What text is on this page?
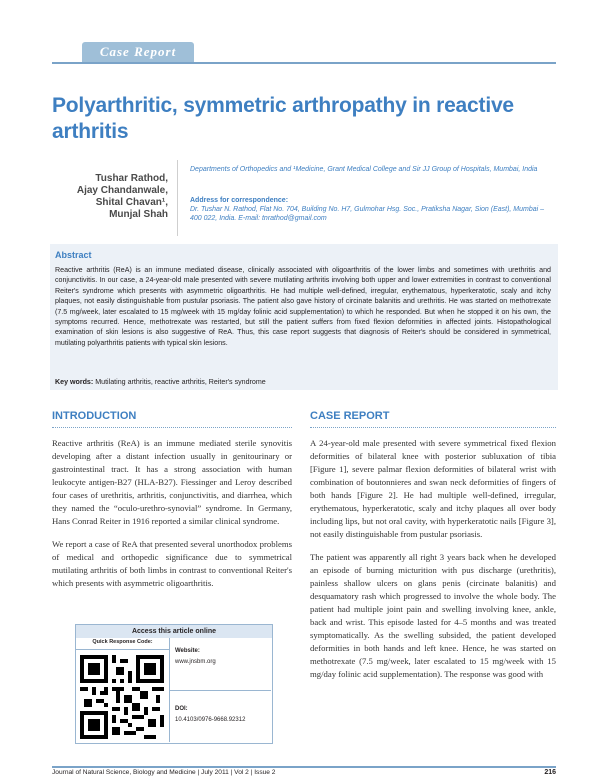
Case Report
Polyarthritic, symmetric arthropathy in reactive arthritis
Tushar Rathod,
Ajay Chandanwale,
Shital Chavan¹,
Munjal Shah
Departments of Orthopedics and ¹Medicine, Grant Medical College and Sir JJ Group of Hospitals, Mumbai, India
Address for correspondence:
Dr. Tushar N. Rathod, Flat No. 704, Building No. H7, Gulmohar Hsg. Soc., Pratiksha Nagar, Sion (East), Mumbai – 400 022, India. E-mail: tnrathod@gmail.com
Abstract
Reactive arthritis (ReA) is an immune mediated disease, clinically associated with oligoarthritis of the lower limbs and sometimes with urethritis and conjunctivitis. In our case, a 24-year-old male presented with severe mutilating arthritis involving both upper and lower extremities in contrast to conventional Reiter's syndrome which presents with asymmetric oligoarthritis. He had multiple well-defined, irregular, erythematous, hyperkeratotic, scaly and itchy plaques, not easily distinguishable from pustular psoriasis. The patient also gave history of circinate balanitis and urethritis. He was started on methotrexate (7.5 mg/week, later escalated to 15 mg/week with 15 mg/day folinic acid supplementation) to which he responded. But when he stopped it on his own, the symptoms recurred. Hence, methotrexate was restarted, but still the patient suffers from fixed flexion deformities in affected joints. Histopathological examination of skin lesions is also suggestive of ReA. Thus, this case report suggests that diagnosis of Reiter's should be considered in symmetrical, mutilating polyarthritis patients with typical skin lesions.
Key words: Mutilating arthritis, reactive arthritis, Reiter's syndrome
INTRODUCTION

Reactive arthritis (ReA) is an immune mediated sterile synovitis developing after a distant infection usually in genitourinary or gastrointestinal tract. It has a strong association with human leukocyte antigen-B27 (HLA-B27). Fiessinger and Leroy described four cases of urethritis, arthritis, conjunctivitis, and diarrhea, which they named the “oculo-urethro-synovial” syndrome. In Germany, Hans Conrad Reiter in 1916 reported a similar clinical syndrome.

We report a case of ReA that presented several unorthodox problems of medical and orthopedic significance due to symmetrical mutilating arthritis of both limbs in contrast to conventional Reiter's which presents with asymmetric oligoarthritis.

CASE REPORT

A 24-year-old male presented with severe symmetrical fixed flexion deformities of bilateral knee with posterior subluxation of tibia [Figure 1], severe palmar flexion deformities of bilateral wrist with combination of boutonnieres and swan neck deformities of fingers of both hands [Figure 2]. He had multiple well-defined, irregular, erythematous, hyperkeratotic, scaly and itchy plaques all over body including lips, but not oral cavity, with hyperkeratotic nails [Figure 3], not easily distinguishable from pustular psoriasis.

The patient was apparently all right 3 years back when he developed an episode of burning micturition with pus discharge (urethritis), painless shallow ulcers on glans penis (circinate balanitis) and desquamatory rash which progressed to involve the whole body. The patient had multiple joint pain and swelling involving knee, ankle, back and wrist. This episode lasted for 4–5 months and was treated symptomatically. As the swelling subsided, the patient developed deformities in both hands and left knee. Hence, he was started on methotrexate (7.5 mg/week, later escalated to 15 mg/week with 15 mg/day folinic acid supplementation). The response was good with

Access this article online
Quick Response Code:
Website:
www.jnsbm.org
DOI:
10.4103/0976-9668.92312
Journal of Natural Science, Biology and Medicine | July 2011 | Vol 2 | Issue 2	216
